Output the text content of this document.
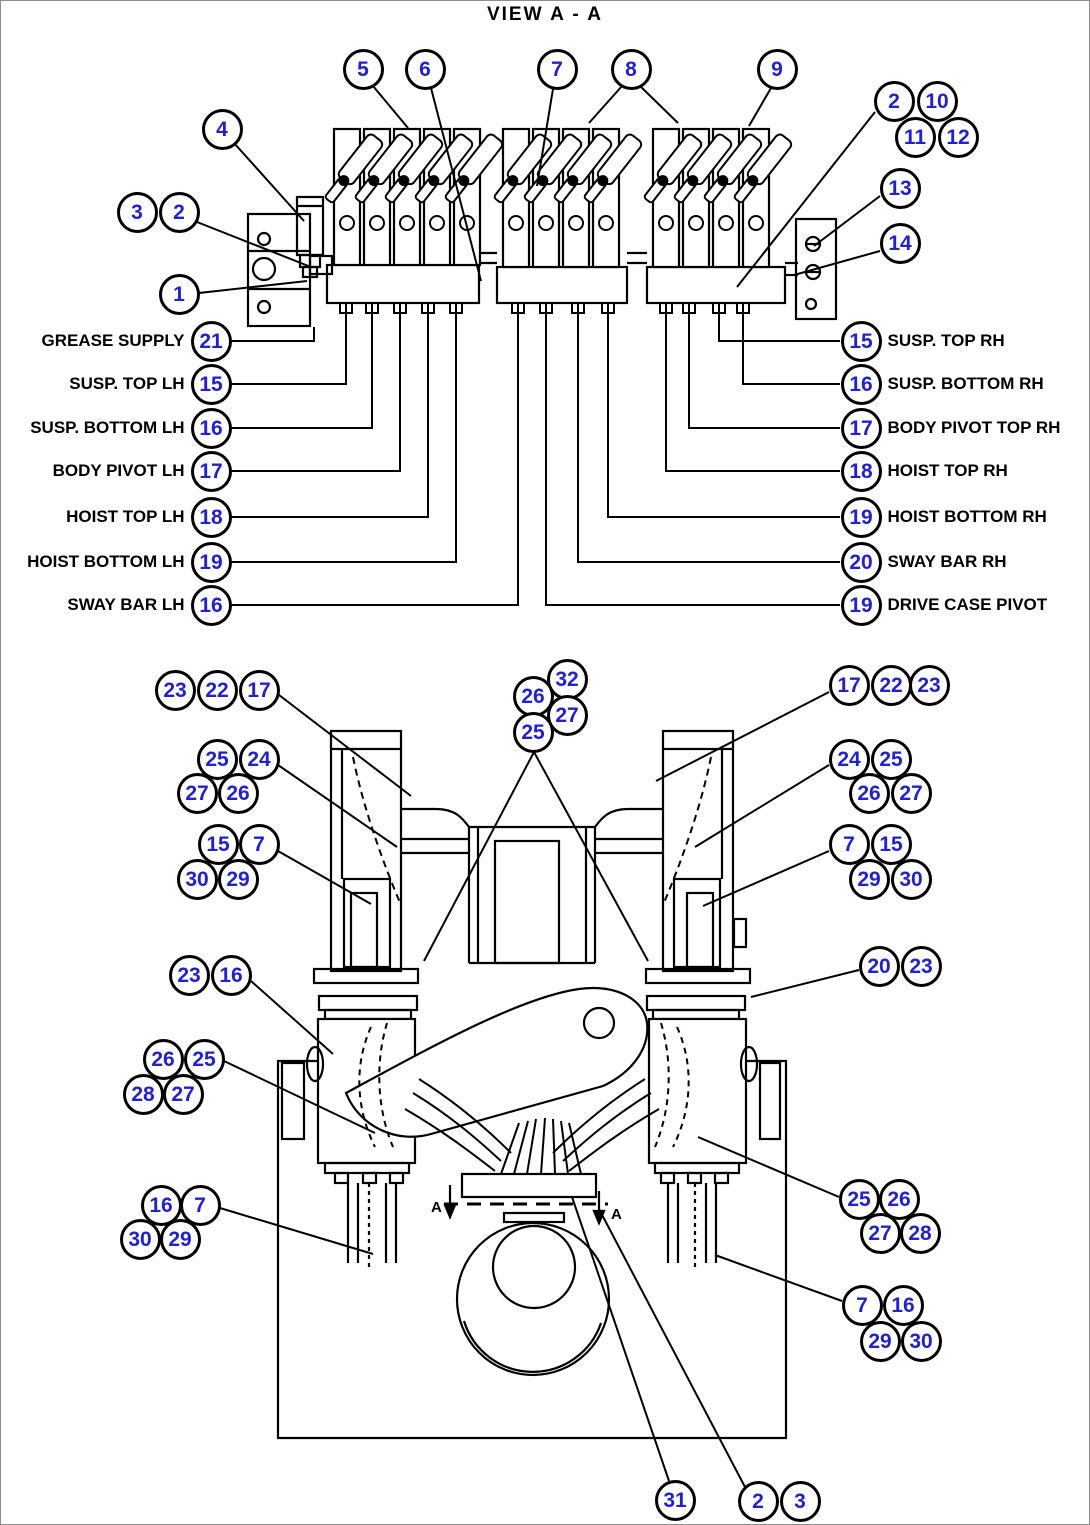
VIEW A - A
5	6	7	8	9
4
3	2
1
2	10
11 12
13
14
23 22 17
25 24
27 26
15	7
30 29
32
26
27
25
17 22 23
24 25
26 27
7	15
29 30
23 16	20 23
26 25
28 27
16	7
30 29
25 26
27 28
7	16
29 30
31	2	3
GREASE SUPPLY 21
SUSP. TOP LH 15
SUSP. BOTTOM LH 16
BODY PIVOT LH 17
HOIST TOP LH 18
HOIST BOTTOM LH 19
SWAY BAR LH 16
15 SUSP. TOP RH
16 SUSP. BOTTOM RH
17 BODY PIVOT TOP RH
18 HOIST TOP RH
19 HOIST BOTTOM RH
20 SWAY BAR RH
19 DRIVE CASE PIVOT
A	A
